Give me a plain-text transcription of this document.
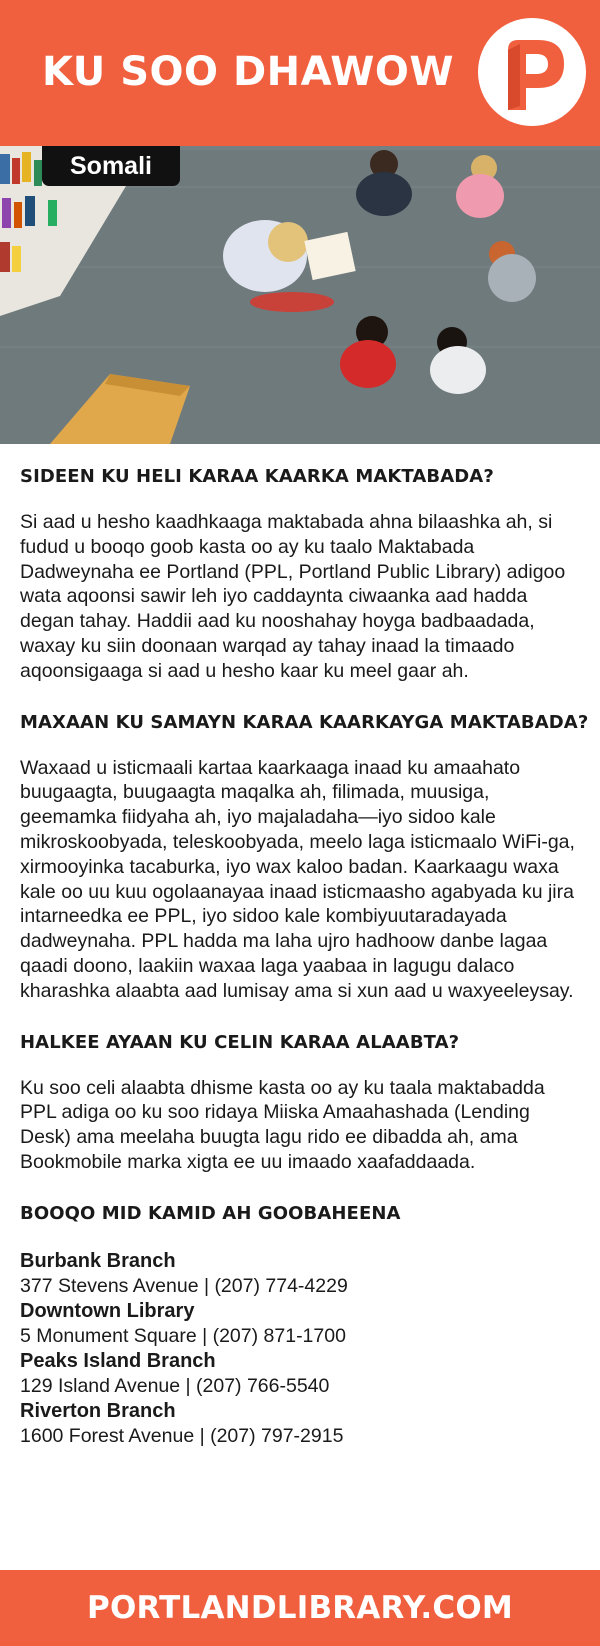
KU SOO DHAWOW
Somali
SIDEEN KU HELI KARAA KAARKA MAKTABADA?

Si aad u hesho kaadhkaaga maktabada ahna bilaashka ah, si fudud u booqo goob kasta oo ay ku taalo Maktabada Dadweynaha ee Portland (PPL, Portland Public Library) adigoo wata aqoonsi sawir leh iyo caddaynta ciwaanka aad hadda degan tahay. Haddii aad ku nooshahay hoyga badbaadada, waxay ku siin doonaan warqad ay tahay inaad la timaado aqoonsigaaga si aad u hesho kaar ku meel gaar ah.

MAXAAN KU SAMAYN KARAA KAARKAYGA MAKTABADA?

Waxaad u isticmaali kartaa kaarkaaga inaad ku amaahato buugaagta, buugaagta maqalka ah, filimada, muusiga, geemamka fiidyaha ah, iyo majaladaha—iyo sidoo kale mikroskoobyada, teleskoobyada, meelo laga isticmaalo WiFi-ga, xirmooyinka tacaburka, iyo wax kaloo badan. Kaarkaagu waxa kale oo uu kuu ogolaanayaa inaad isticmaasho agabyada ku jira intarneedka ee PPL, iyo sidoo kale kombiyuutaradayada dadweynaha. PPL hadda ma laha ujro hadhoow danbe lagaa qaadi doono, laakiin waxaa laga yaabaa in lagugu dalaco kharashka alaabta aad lumisay ama si xun aad u waxyeeleysay.

HALKEE AYAAN KU CELIN KARAA ALAABTA?

Ku soo celi alaabta dhisme kasta oo ay ku taala maktabadda PPL adiga oo ku soo ridaya Miiska Amaahashada (Lending Desk) ama meelaha buugta lagu rido ee dibadda ah, ama Bookmobile marka xigta ee uu imaado xaafaddaada.

BOOQO MID KAMID AH GOOBAHEENA
Burbank Branch
377 Stevens Avenue | (207) 774-4229
Downtown Library
5 Monument Square | (207) 871-1700
Peaks Island Branch
129 Island Avenue | (207) 766-5540
Riverton Branch
1600 Forest Avenue | (207) 797-2915
PORTLANDLIBRARY.COM
